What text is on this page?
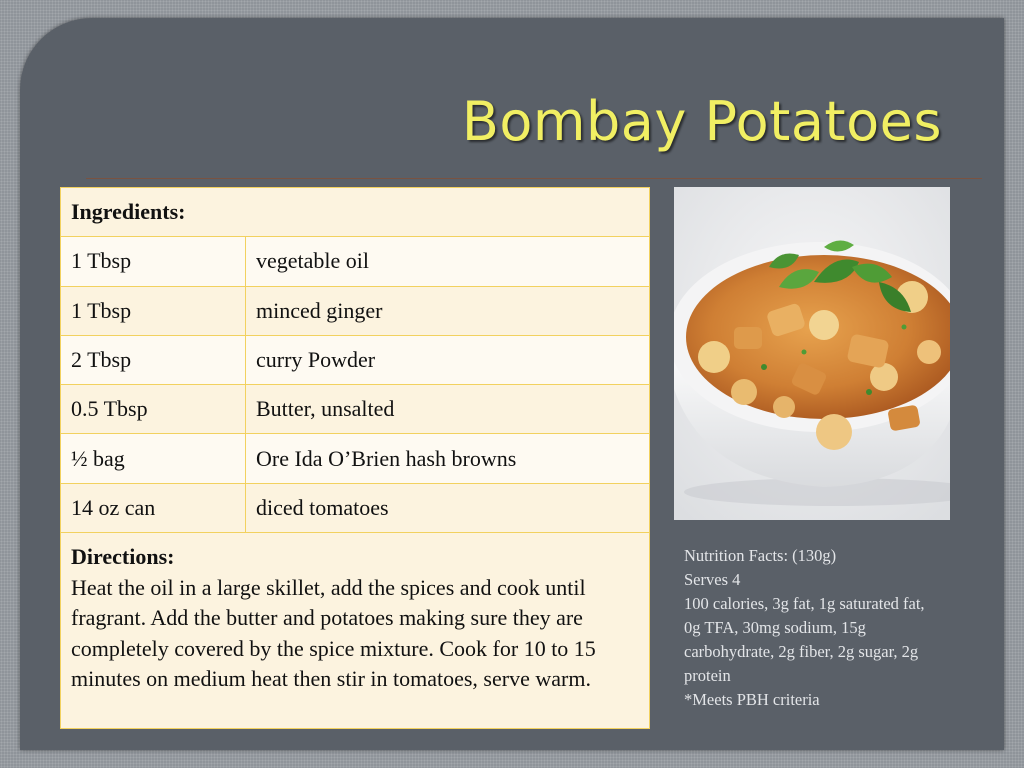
Bombay Potatoes
Ingredients:	
1 Tbsp	vegetable oil
1 Tbsp	minced ginger
2 Tbsp	curry Powder
0.5 Tbsp	Butter, unsalted
½ bag	Ore Ida O’Brien hash browns
14 oz can	diced tomatoes

Directions:
Heat the oil in a large skillet, add the spices and cook until fragrant. Add the butter and potatoes making sure they are completely covered by the spice mixture. Cook for 10 to 15 minutes on medium heat then stir in tomatoes, serve warm.	
Nutrition Facts: (130g)
Serves 4
100 calories, 3g fat, 1g saturated fat, 0g TFA, 30mg sodium, 15g carbohydrate, 2g fiber, 2g sugar, 2g protein
*Meets PBH criteria
